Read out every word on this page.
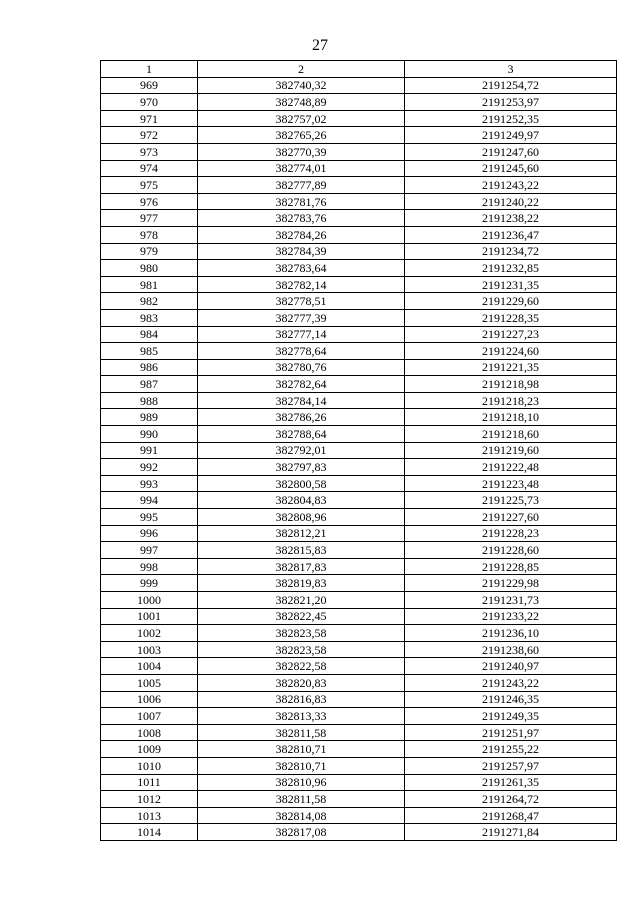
27
1	2	3
969	382740,32	2191254,72
970	382748,89	2191253,97
971	382757,02	2191252,35
972	382765,26	2191249,97
973	382770,39	2191247,60
974	382774,01	2191245,60
975	382777,89	2191243,22
976	382781,76	2191240,22
977	382783,76	2191238,22
978	382784,26	2191236,47
979	382784,39	2191234,72
980	382783,64	2191232,85
981	382782,14	2191231,35
982	382778,51	2191229,60
983	382777,39	2191228,35
984	382777,14	2191227,23
985	382778,64	2191224,60
986	382780,76	2191221,35
987	382782,64	2191218,98
988	382784,14	2191218,23
989	382786,26	2191218,10
990	382788,64	2191218,60
991	382792,01	2191219,60
992	382797,83	2191222,48
993	382800,58	2191223,48
994	382804,83	2191225,73
995	382808,96	2191227,60
996	382812,21	2191228,23
997	382815,83	2191228,60
998	382817,83	2191228,85
999	382819,83	2191229,98
1000	382821,20	2191231,73
1001	382822,45	2191233,22
1002	382823,58	2191236,10
1003	382823,58	2191238,60
1004	382822,58	2191240,97
1005	382820,83	2191243,22
1006	382816,83	2191246,35
1007	382813,33	2191249,35
1008	382811,58	2191251,97
1009	382810,71	2191255,22
1010	382810,71	2191257,97
1011	382810,96	2191261,35
1012	382811,58	2191264,72
1013	382814,08	2191268,47
1014	382817,08	2191271,84
